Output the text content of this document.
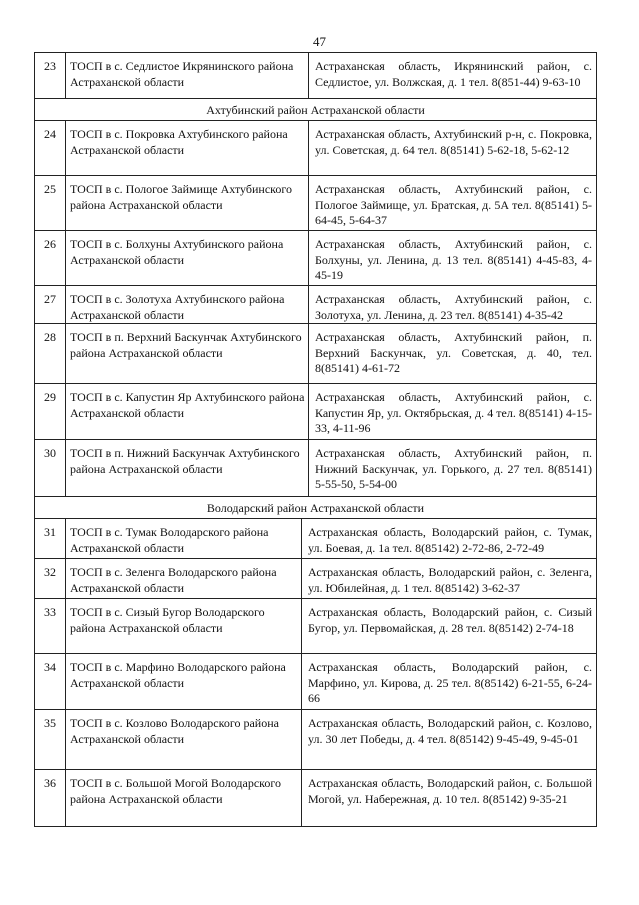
47
23	ТОСП в с. Седлистое Икрянинского района Астраханской области
Астраханская область, Икрянинский район, с. Седлистое, ул. Волжская, д. 1 тел. 8(851-44) 9-63-10
Ахтубинский район Астраханской области
24	ТОСП в с. Покровка Ахтубинского района Астраханской области
Астраханская область, Ахтубинский р-н, с. Покровка, ул. Советская, д. 64 тел. 8(85141) 5-62-18, 5-62-12
25	ТОСП в с. Пологое Займище Ахтубинского района Астраханской области
Астраханская область, Ахтубинский район, с. Пологое Займище, ул. Братская, д. 5А тел. 8(85141) 5-64-45, 5-64-37
26	ТОСП в с. Болхуны Ахтубинского района Астраханской области
Астраханская область, Ахтубинский район, с. Болхуны, ул. Ленина, д. 13 тел. 8(85141) 4-45-83, 4-45-19
27	ТОСП в с. Золотуха Ахтубинского района Астраханской области
Астраханская область, Ахтубинский район, с. Золотуха, ул. Ленина, д. 23 тел. 8(85141) 4-35-42
28	ТОСП в п. Верхний Баскунчак Ахтубинского района Астраханской области
Астраханская область, Ахтубинский район, п. Верхний Баскунчак, ул. Советская, д. 40, тел. 8(85141) 4-61-72
29	ТОСП в с. Капустин Яр Ахтубинского района Астраханской области
Астраханская область, Ахтубинский район, с. Капустин Яр, ул. Октябрьская, д. 4 тел. 8(85141) 4-15-33, 4-11-96
30	ТОСП в п. Нижний Баскунчак Ахтубинского района Астраханской области
Астраханская область, Ахтубинский район, п. Нижний Баскунчак, ул. Горького, д. 27 тел. 8(85141) 5-55-50, 5-54-00
Володарский район Астраханской области
31	ТОСП в с. Тумак Володарского района Астраханской области
Астраханская область, Володарский район, с. Тумак, ул. Боевая, д. 1а тел. 8(85142) 2-72-86, 2-72-49
32	ТОСП в с. Зеленга Володарского района Астраханской области
Астраханская область, Володарский район, с. Зеленга, ул. Юбилейная, д. 1 тел. 8(85142) 3-62-37
33	ТОСП в с. Сизый Бугор Володарского района Астраханской области
Астраханская область, Володарский район, с. Сизый Бугор, ул. Первомайская, д. 28 тел. 8(85142) 2-74-18
34	ТОСП в с. Марфино Володарского района Астраханской области
Астраханская область, Володарский район, с. Марфино, ул. Кирова, д. 25 тел. 8(85142) 6-21-55, 6-24-66
35	ТОСП в с. Козлово Володарского района Астраханской области
Астраханская область, Володарский район, с. Козлово, ул. 30 лет Победы, д. 4 тел. 8(85142) 9-45-49, 9-45-01
36	ТОСП в с. Большой Могой Володарского района Астраханской области
Астраханская область, Володарский район, с. Большой Могой, ул. Набережная, д. 10 тел. 8(85142) 9-35-21
